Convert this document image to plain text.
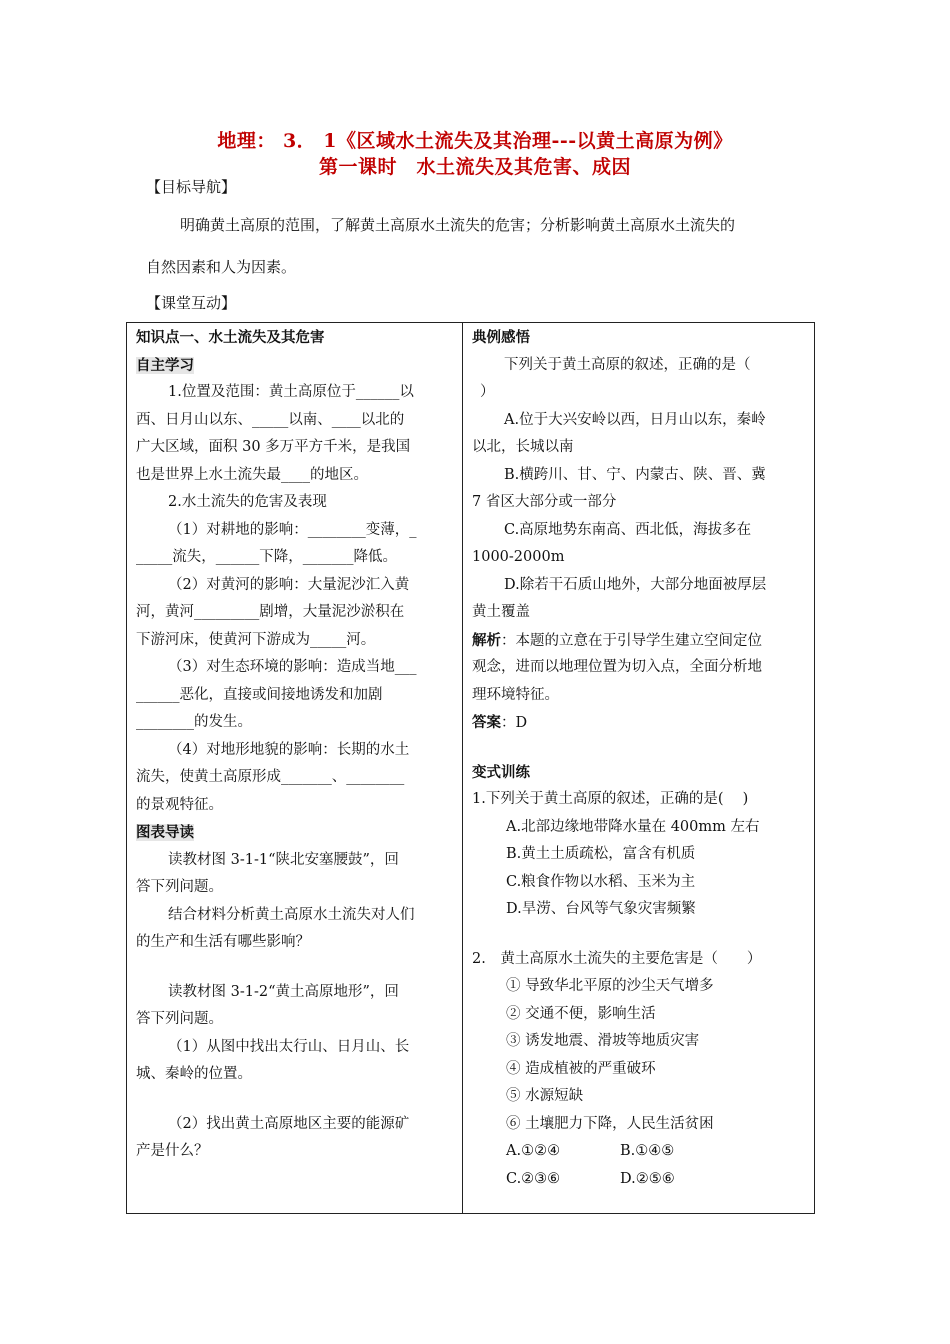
地理： 3． 1《区域水土流失及其治理---以黄土高原为例》
第一课时　水土流失及其危害、成因
【目标导航】
明确黄土高原的范围，了解黄土高原水土流失的危害；分析影响黄土高原水土流失的
自然因素和人为因素。
【课堂互动】
知识点一、水土流失及其危害
自主学习
1.位置及范围：黄土高原位于______以
西、日月山以东、_____以南、____以北的
广大区域，面积 30 多万平方千米，是我国
也是世界上水土流失最____的地区。
2.水土流失的危害及表现
（1）对耕地的影响：________变薄，_
_____流失，______下降，_______降低。
（2）对黄河的影响：大量泥沙汇入黄
河，黄河_________剧增，大量泥沙淤积在
下游河床，使黄河下游成为_____河。
（3）对生态环境的影响：造成当地___
______恶化，直接或间接地诱发和加剧
________的发生。
（4）对地形地貌的影响：长期的水土
流失，使黄土高原形成_______、________
的景观特征。
图表导读
读教材图 3-1-1“陕北安塞腰鼓”，回
答下列问题。
结合材料分析黄土高原水土流失对人们
的生产和生活有哪些影响？
读教材图 3-1-2“黄土高原地形”，回
答下列问题。
（1）从图中找出太行山、日月山、长
城、秦岭的位置。
（2）找出黄土高原地区主要的能源矿
产是什么？
典例感悟
下列关于黄土高原的叙述，正确的是（
）
A.位于大兴安岭以西，日月山以东，秦岭
以北，长城以南
B.横跨川、甘、宁、内蒙古、陕、晋、冀
7 省区大部分或一部分
C.高原地势东南高、西北低，海拔多在
1000-2000m
D.除若干石质山地外，大部分地面被厚层
黄土覆盖
解析：本题的立意在于引导学生建立空间定位
观念，进而以地理位置为切入点，全面分析地
理环境特征。
答案：D
变式训练
1.下列关于黄土高原的叙述，正确的是(　 )
A.北部边缘地带降水量在 400mm 左右
B.黄土土质疏松，富含有机质
C.粮食作物以水稻、玉米为主
D.旱涝、台风等气象灾害频繁
2.　黄土高原水土流失的主要危害是（　　）
① 导致华北平原的沙尘天气增多
② 交通不便，影响生活
③ 诱发地震、滑坡等地质灾害
④ 造成植被的严重破环
⑤ 水源短缺
⑥ 土壤肥力下降，人民生活贫困
A.①②④	B.①④⑤
C.②③⑥	D.②⑤⑥
